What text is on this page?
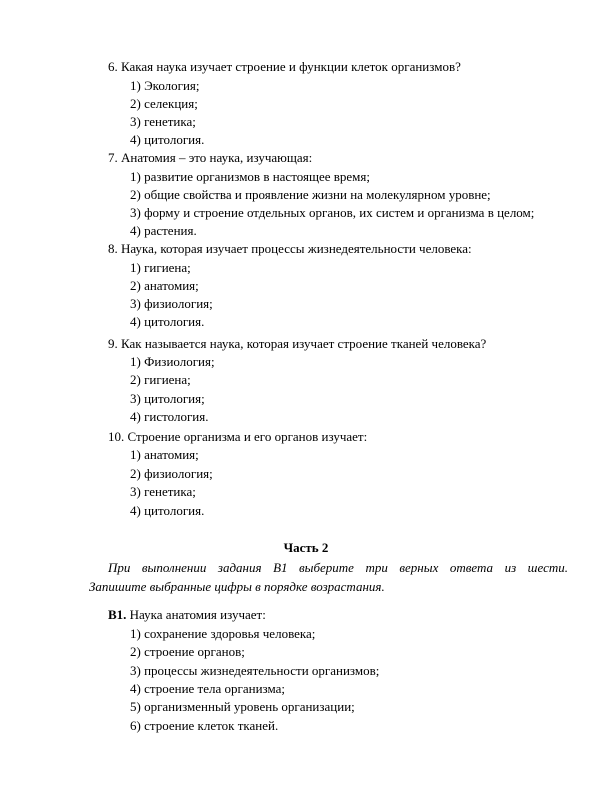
6. Какая наука изучает строение и функции клеток организмов?
1) Экология;
2) селекция;
3) генетика;
4) цитология.
7. Анатомия – это наука, изучающая:
1) развитие организмов в настоящее время;
2) общие свойства и проявление жизни на молекулярном уровне;
3) форму и строение отдельных органов, их систем и организма в целом;
4) растения.
8. Наука, которая изучает процессы жизнедеятельности человека:
1) гигиена;
2) анатомия;
3) физиология;
4) цитология.
9. Как называется наука, которая изучает строение тканей человека?
1) Физиология;
2) гигиена;
3) цитология;
4) гистология.
10. Строение организма и его органов изучает:
1) анатомия;
2) физиология;
3) генетика;
4) цитология.
Часть 2
При выполнении задания В1 выберите три верных ответа из шести.
Запишите выбранные цифры в порядке возрастания.
В1. Наука анатомия изучает:
1) сохранение здоровья человека;
2) строение органов;
3) процессы жизнедеятельности организмов;
4) строение тела организма;
5) организменный уровень организации;
6) строение клеток тканей.
